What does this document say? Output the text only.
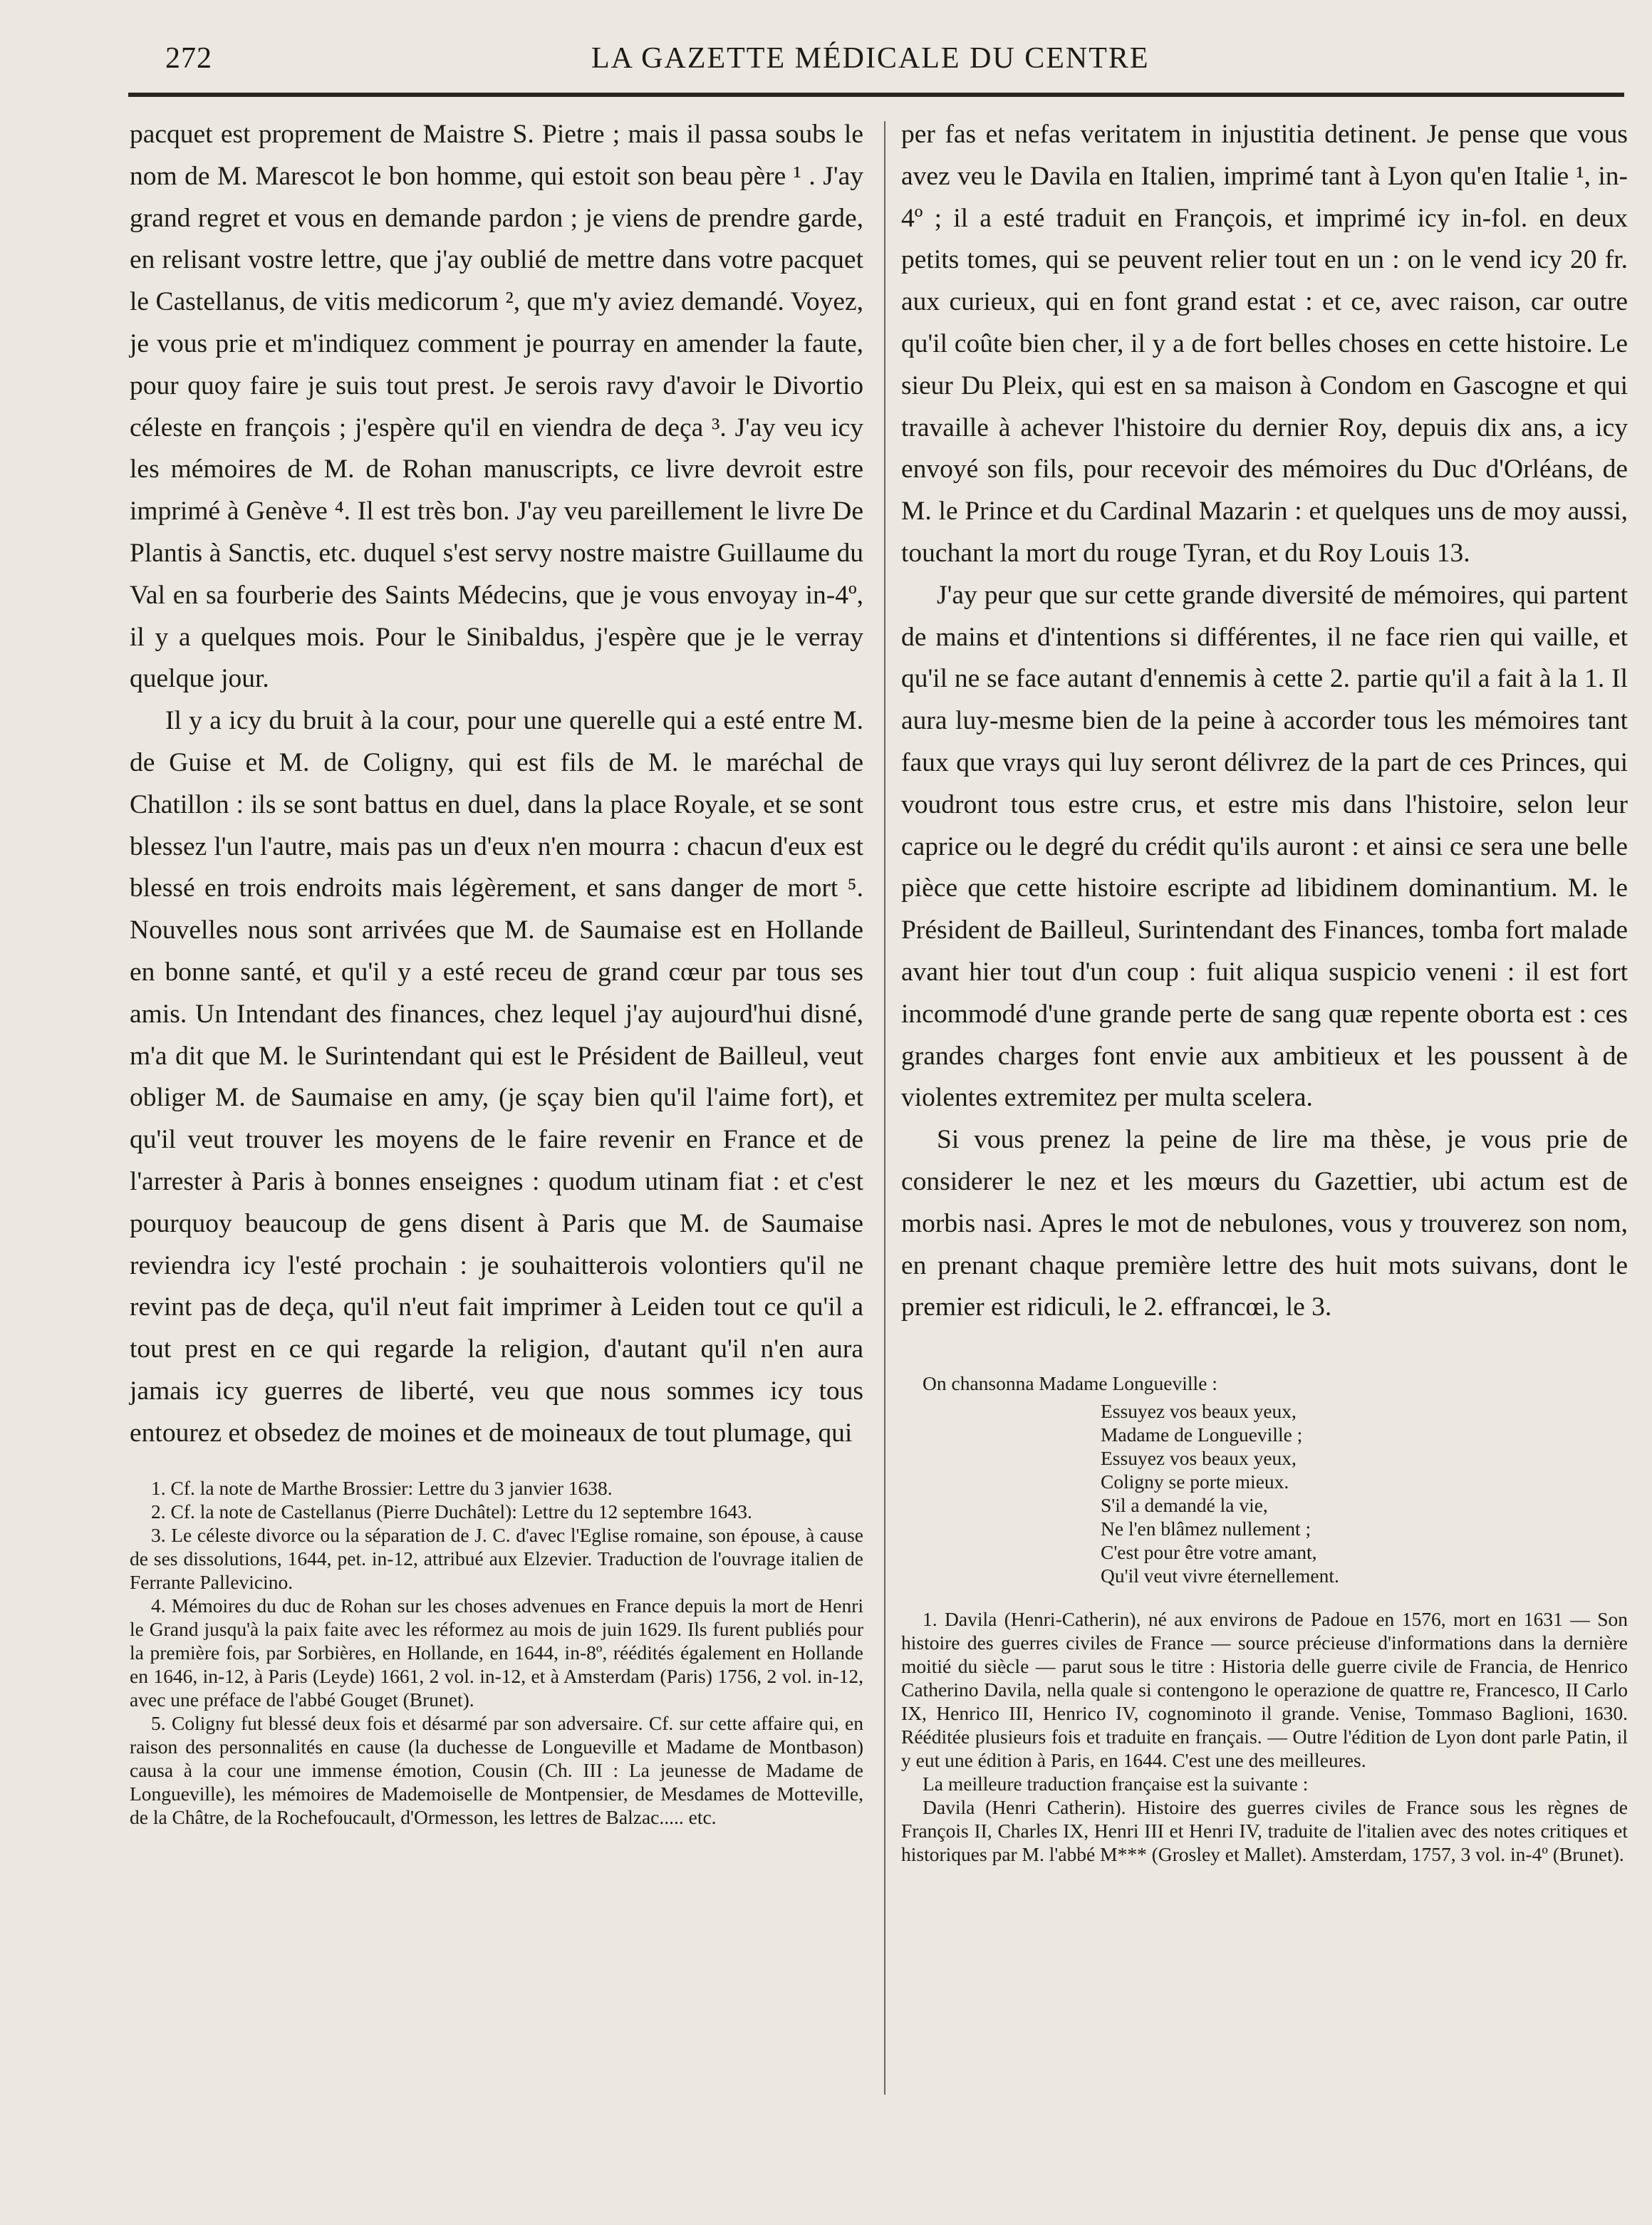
272	LA GAZETTE MÉDICALE DU CENTRE

pacquet est proprement de Maistre S. Pietre ; mais il passa soubs le nom de M. Marescot le bon homme, qui estoit son beau père ¹ . J'ay grand regret et vous en demande pardon ; je viens de prendre garde, en relisant vostre lettre, que j'ay oublié de mettre dans votre pacquet le Castellanus, de vitis medicorum ², que m'y aviez demandé. Voyez, je vous prie et m'indiquez comment je pourray en amender la faute, pour quoy faire je suis tout prest. Je serois ravy d'avoir le Divortio céleste en françois ; j'espère qu'il en viendra de deça ³. J'ay veu icy les mémoires de M. de Rohan manuscripts, ce livre devroit estre imprimé à Genève ⁴. Il est très bon. J'ay veu pareillement le livre De Plantis à Sanctis, etc. duquel s'est servy nostre maistre Guillaume du Val en sa fourberie des Saints Médecins, que je vous envoyay in-4º, il y a quelques mois. Pour le Sinibaldus, j'espère que je le verray quelque jour.

Il y a icy du bruit à la cour, pour une querelle qui a esté entre M. de Guise et M. de Coligny, qui est fils de M. le maréchal de Chatillon : ils se sont battus en duel, dans la place Royale, et se sont blessez l'un l'autre, mais pas un d'eux n'en mourra : chacun d'eux est blessé en trois endroits mais légèrement, et sans danger de mort ⁵. Nouvelles nous sont arrivées que M. de Saumaise est en Hollande en bonne santé, et qu'il y a esté receu de grand cœur par tous ses amis. Un Intendant des finances, chez lequel j'ay aujourd'hui disné, m'a dit que M. le Surintendant qui est le Président de Bailleul, veut obliger M. de Saumaise en amy, (je sçay bien qu'il l'aime fort), et qu'il veut trouver les moyens de le faire revenir en France et de l'arrester à Paris à bonnes enseignes : quodum utinam fiat : et c'est pourquoy beaucoup de gens disent à Paris que M. de Saumaise reviendra icy l'esté prochain : je souhaitterois volontiers qu'il ne revint pas de deça, qu'il n'eut fait imprimer à Leiden tout ce qu'il a tout prest en ce qui regarde la religion, d'autant qu'il n'en aura jamais icy guerres de liberté, veu que nous sommes icy tous entourez et obsedez de moines et de moineaux de tout plumage, qui

1. Cf. la note de Marthe Brossier: Lettre du 3 janvier 1638.

2. Cf. la note de Castellanus (Pierre Duchâtel): Lettre du 12 septembre 1643.

3. Le céleste divorce ou la séparation de J. C. d'avec l'Eglise romaine, son épouse, à cause de ses dissolutions, 1644, pet. in-12, attribué aux Elzevier. Traduction de l'ouvrage italien de Ferrante Pallevicino.

4. Mémoires du duc de Rohan sur les choses advenues en France depuis la mort de Henri le Grand jusqu'à la paix faite avec les réformez au mois de juin 1629. Ils furent publiés pour la première fois, par Sorbières, en Hollande, en 1644, in-8º, réédités également en Hollande en 1646, in-12, à Paris (Leyde) 1661, 2 vol. in-12, et à Amsterdam (Paris) 1756, 2 vol. in-12, avec une préface de l'abbé Gouget (Brunet).

5. Coligny fut blessé deux fois et désarmé par son adversaire. Cf. sur cette affaire qui, en raison des personnalités en cause (la duchesse de Longueville et Madame de Montbason) causa à la cour une immense émotion, Cousin (Ch. III : La jeunesse de Madame de Longueville), les mémoires de Mademoiselle de Montpensier, de Mesdames de Motteville, de la Châtre, de la Rochefoucault, d'Ormesson, les lettres de Balzac..... etc.

per fas et nefas veritatem in injustitia detinent. Je pense que vous avez veu le Davila en Italien, imprimé tant à Lyon qu'en Italie ¹, in-4º ; il a esté traduit en François, et imprimé icy in-fol. en deux petits tomes, qui se peuvent relier tout en un : on le vend icy 20 fr. aux curieux, qui en font grand estat : et ce, avec raison, car outre qu'il coûte bien cher, il y a de fort belles choses en cette histoire. Le sieur Du Pleix, qui est en sa maison à Condom en Gascogne et qui travaille à achever l'histoire du dernier Roy, depuis dix ans, a icy envoyé son fils, pour recevoir des mémoires du Duc d'Orléans, de M. le Prince et du Cardinal Mazarin : et quelques uns de moy aussi, touchant la mort du rouge Tyran, et du Roy Louis 13.

J'ay peur que sur cette grande diversité de mémoires, qui partent de mains et d'intentions si différentes, il ne face rien qui vaille, et qu'il ne se face autant d'ennemis à cette 2. partie qu'il a fait à la 1. Il aura luy-mesme bien de la peine à accorder tous les mémoires tant faux que vrays qui luy seront délivrez de la part de ces Princes, qui voudront tous estre crus, et estre mis dans l'histoire, selon leur caprice ou le degré du crédit qu'ils auront : et ainsi ce sera une belle pièce que cette histoire escripte ad libidinem dominantium. M. le Président de Bailleul, Surintendant des Finances, tomba fort malade avant hier tout d'un coup : fuit aliqua suspicio veneni : il est fort incommodé d'une grande perte de sang quæ repente oborta est : ces grandes charges font envie aux ambitieux et les poussent à de violentes extremitez per multa scelera.

Si vous prenez la peine de lire ma thèse, je vous prie de considerer le nez et les mœurs du Gazettier, ubi actum est de morbis nasi. Apres le mot de nebulones, vous y trouverez son nom, en prenant chaque première lettre des huit mots suivans, dont le premier est ridiculi, le 2. effrancœi, le 3.

On chansonna Madame Longueville :
Essuyez vos beaux yeux,
Madame de Longueville ;
Essuyez vos beaux yeux,
Coligny se porte mieux.
S'il a demandé la vie,
Ne l'en blâmez nullement ;
C'est pour être votre amant,
Qu'il veut vivre éternellement.

1. Davila (Henri-Catherin), né aux environs de Padoue en 1576, mort en 1631 — Son histoire des guerres civiles de France — source précieuse d'informations dans la dernière moitié du siècle — parut sous le titre : Historia delle guerre civile de Francia, de Henrico Catherino Davila, nella quale si contengono le operazione de quattre re, Francesco, II Carlo IX, Henrico III, Henrico IV, cognominoto il grande. Venise, Tommaso Baglioni, 1630. Rééditée plusieurs fois et traduite en français. — Outre l'édition de Lyon dont parle Patin, il y eut une édition à Paris, en 1644. C'est une des meilleures.

La meilleure traduction française est la suivante :

Davila (Henri Catherin). Histoire des guerres civiles de France sous les règnes de François II, Charles IX, Henri III et Henri IV, traduite de l'italien avec des notes critiques et historiques par M. l'abbé M*** (Grosley et Mallet). Amsterdam, 1757, 3 vol. in-4º (Brunet).
